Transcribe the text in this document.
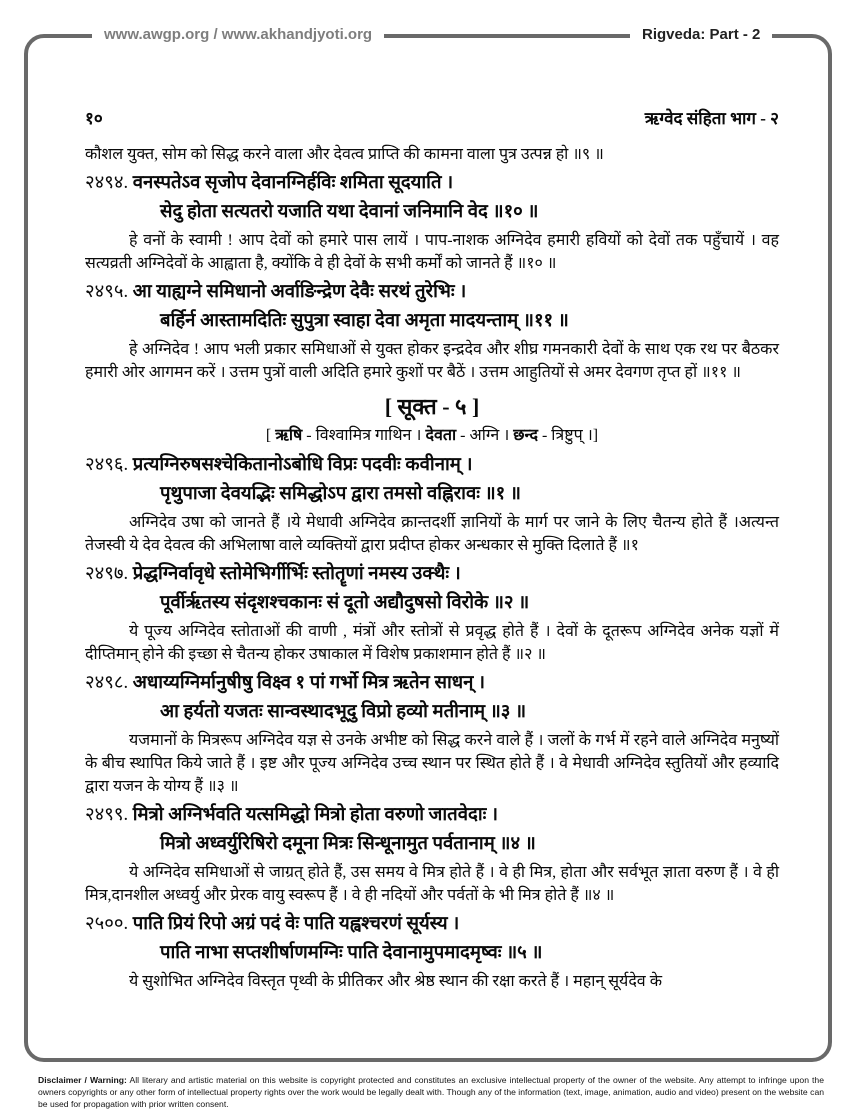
www.awgp.org / www.akhandjyoti.org	Rigveda: Part - 2
१०	ऋग्वेद संहिता भाग - २

कौशल युक्त, सोम को सिद्ध करने वाला और देवत्व प्राप्ति की कामना वाला पुत्र उत्पन्न हो ॥९ ॥

२४९४. वनस्पतेऽव सृजोप देवानग्निर्हविः शमिता सूदयाति ।
सेदु होता सत्यतरो यजाति यथा देवानां जनिमानि वेद ॥१० ॥

हे वनों के स्वामी ! आप देवों को हमारे पास लायें । पाप-नाशक अग्निदेव हमारी हवियों को देवों तक पहुँचायें । वह सत्यव्रती अग्निदेवों के आह्वाता है, क्योंकि वे ही देवों के सभी कर्मों को जानते हैं ॥१० ॥

२४९५. आ याह्यग्ने समिधानो अर्वाङिन्द्रेण देवैः सरथं तुरेभिः ।
बर्हिर्न आस्तामदितिः सुपुत्रा स्वाहा देवा अमृता मादयन्ताम् ॥११ ॥

हे अग्निदेव ! आप भली प्रकार समिधाओं से युक्त होकर इन्द्रदेव और शीघ्र गमनकारी देवों के साथ एक रथ पर बैठकर हमारी ओर आगमन करें । उत्तम पुत्रों वाली अदिति हमारे कुशों पर बैठें । उत्तम आहुतियों से अमर देवगण तृप्त हों ॥११ ॥

[ सूक्त - ५ ]
[ ऋषि - विश्वामित्र गाथिन । देवता - अग्नि । छन्द - त्रिष्टुप् ।]
२४९६. प्रत्यग्निरुषसश्चेकितानोऽबोधि विप्रः पदवीः कवीनाम् ।
पृथुपाजा देवयद्भिः समिद्धोऽप द्वारा तमसो वह्निरावः ॥१ ॥

अग्निदेव उषा को जानते हैं ।ये मेधावी अग्निदेव क्रान्तदर्शी ज्ञानियों के मार्ग पर जाने के लिए चैतन्य होते हैं ।अत्यन्त तेजस्वी ये देव देवत्व की अभिलाषा वाले व्यक्तियों द्वारा प्रदीप्त होकर अन्धकार से मुक्ति दिलाते हैं ॥१

२४९७. प्रेद्धग्निर्वावृधे स्तोमेभिर्गीर्भिः स्तोतॄणां नमस्य उक्थैः ।
पूर्वीर्ऋतस्य संदृशश्चकानः सं दूतो अद्यौदुषसो विरोके ॥२ ॥

ये पूज्य अग्निदेव स्तोताओं की वाणी , मंत्रों और स्तोत्रों से प्रवृद्ध होते हैं । देवों के दूतरूप अग्निदेव अनेक यज्ञों में दीप्तिमान् होने की इच्छा से चैतन्य होकर उषाकाल में विशेष प्रकाशमान होते हैं ॥२ ॥

२४९८. अधाय्यग्निर्मानुषीषु विक्ष्व १ पां गर्भो मित्र ऋतेन साधन् ।
आ हर्यतो यजतः सान्वस्थादभूदु विप्रो हव्यो मतीनाम् ॥३ ॥

यजमानों के मित्ररूप अग्निदेव यज्ञ से उनके अभीष्ट को सिद्ध करने वाले हैं । जलों के गर्भ में रहने वाले अग्निदेव मनुष्यों के बीच स्थापित किये जाते हैं । इष्ट और पूज्य अग्निदेव उच्च स्थान पर स्थित होते हैं । वे मेधावी अग्निदेव स्तुतियों और हव्यादि द्वारा यजन के योग्य हैं ॥३ ॥

२४९९. मित्रो अग्निर्भवति यत्समिद्धो मित्रो होता वरुणो जातवेदाः ।
मित्रो अध्वर्युरिषिरो दमूना मित्रः सिन्धूनामुत पर्वतानाम् ॥४ ॥

ये अग्निदेव समिधाओं से जाग्रत् होते हैं, उस समय वे मित्र होते हैं । वे ही मित्र, होता और सर्वभूत ज्ञाता वरुण हैं । वे ही मित्र,दानशील अध्वर्यु और प्रेरक वायु स्वरूप हैं । वे ही नदियों और पर्वतों के भी मित्र होते हैं ॥४ ॥

२५००. पाति प्रियं रिपो अग्रं पदं वेः पाति यह्वश्चरणं सूर्यस्य ।
पाति नाभा सप्तशीर्षाणमग्निः पाति देवानामुपमादमृष्वः ॥५ ॥

ये सुशोभित अग्निदेव विस्तृत पृथ्वी के प्रीतिकर और श्रेष्ठ स्थान की रक्षा करते हैं । महान् सूर्यदेव के

Disclaimer / Warning: All literary and artistic material on this website is copyright protected and constitutes an exclusive intellectual property of the owner of the website. Any attempt to infringe upon the owners copyrights or any other form of intellectual property rights over the work would be legally dealt with. Though any of the information (text, image, animation, audio and video) present on the website can be used for propagation with prior written consent.
